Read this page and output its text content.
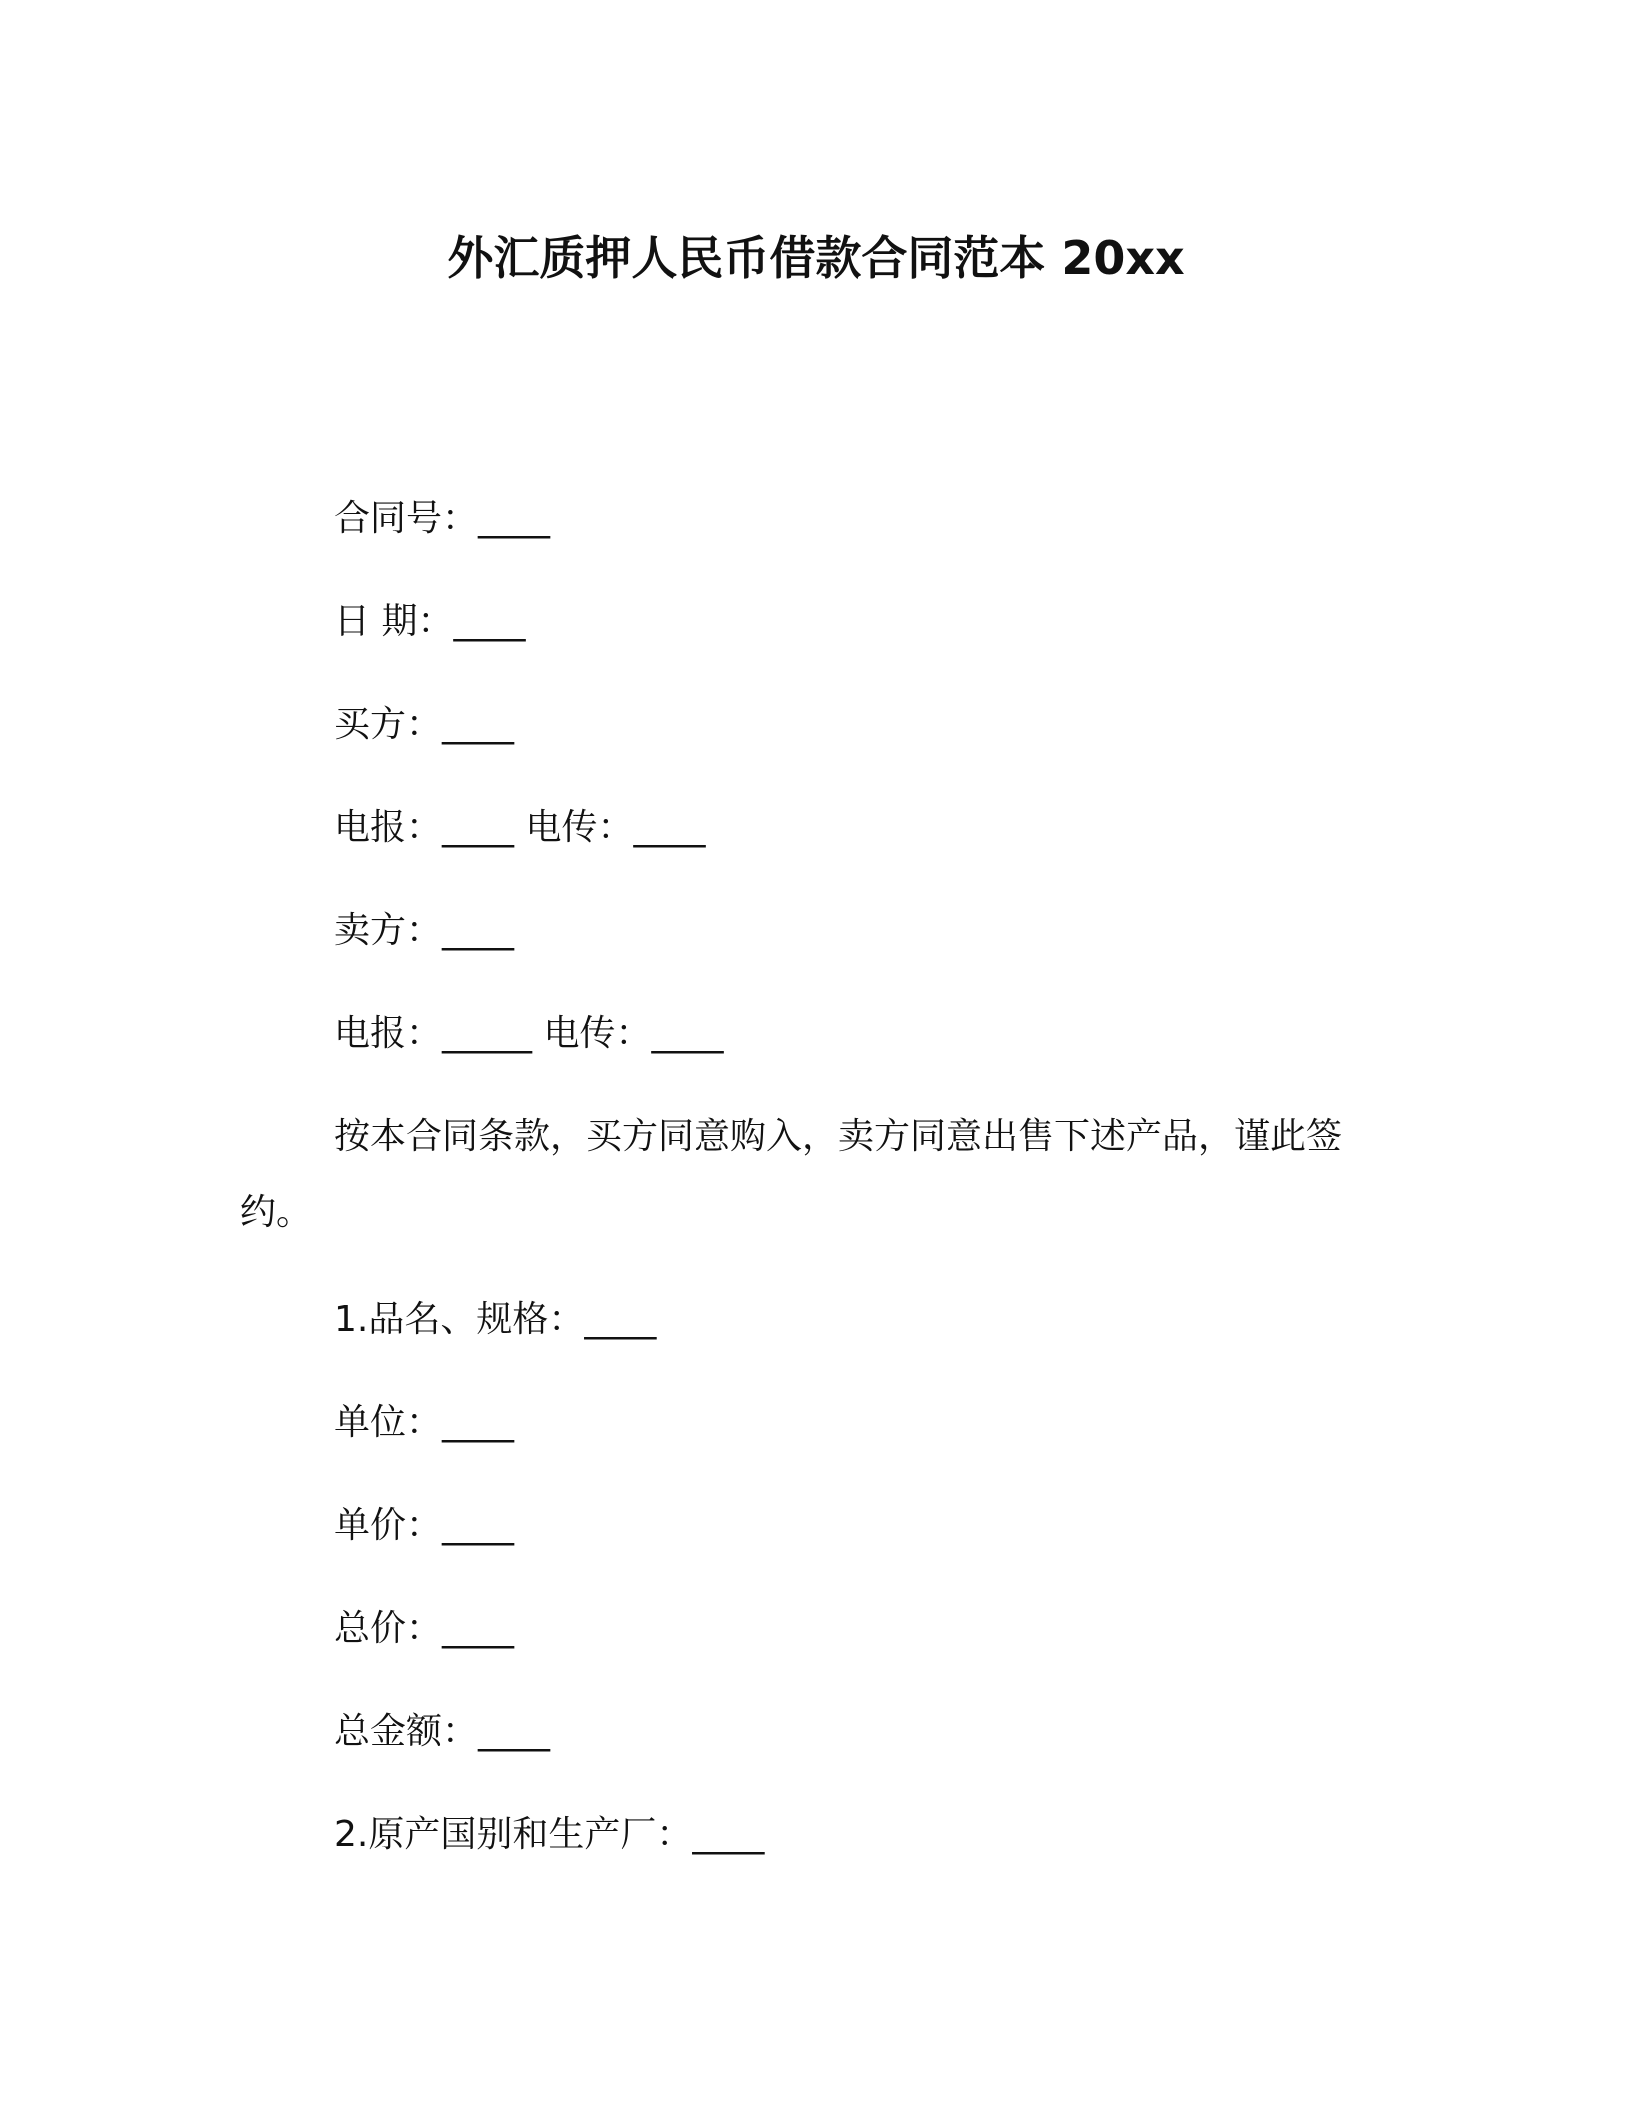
外汇质押人民币借款合同范本 20xx
合同号：____
日 期：____
买方：____
电报：____ 电传：____
卖方：____
电报：_____ 电传：____
按本合同条款，买方同意购入，卖方同意出售下述产品，谨此签约。
1.品名、规格：____
单位：____
单价：____
总价：____
总金额：____
2.原产国别和生产厂：____
